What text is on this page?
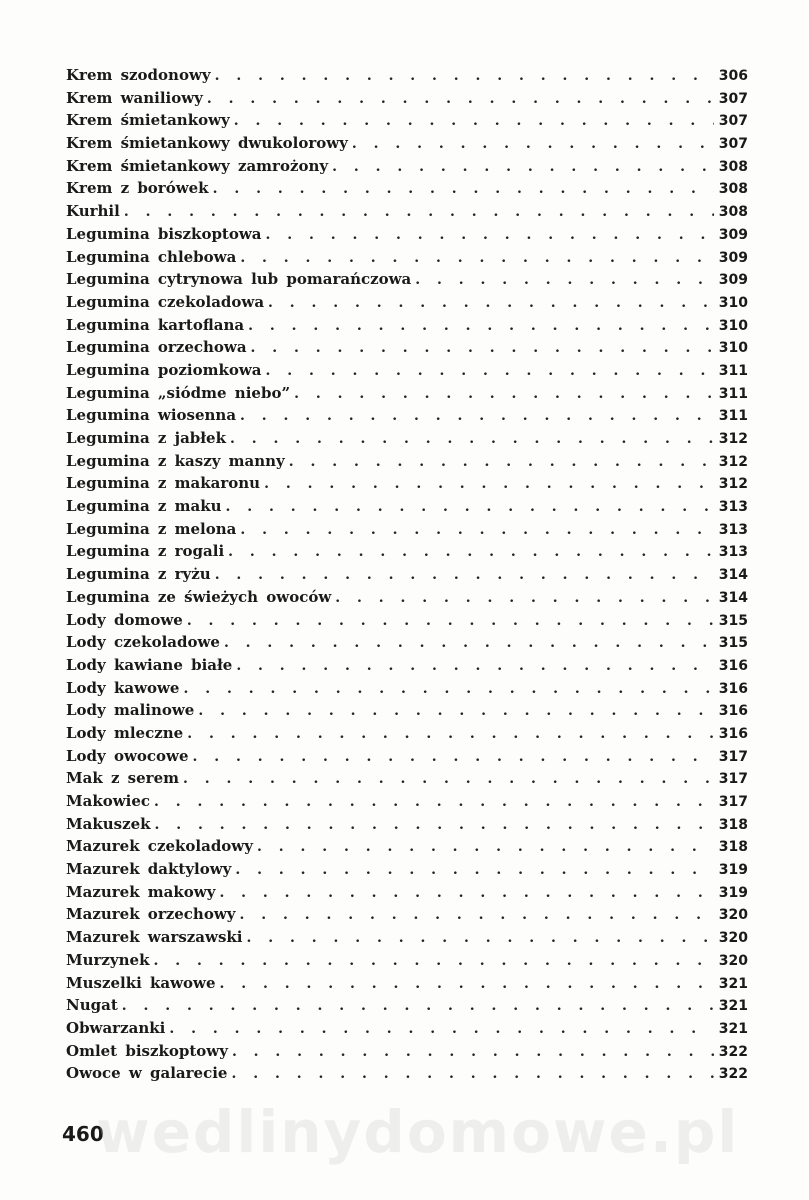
Krem szodonowy . . .	306
Krem waniliowy . . .	307
Krem śmietankowy . . .	307
Krem śmietankowy dwukolorowy . . .	307
Krem śmietankowy zamrożony . . .	308
Krem z borówek . . .	308
Kurhil . . .	308
Legumina biszkoptowa . . .	309
Legumina chlebowa . . .	309
Legumina cytrynowa lub pomarańczowa . . .	309
Legumina czekoladowa . . .	310
Legumina kartoflana . . .	310
Legumina orzechowa . . .	310
Legumina poziomkowa . . .	311
Legumina „siódme niebo” . . .	311
Legumina wiosenna . . .	311
Legumina z jabłek . . .	312
Legumina z kaszy manny . . .	312
Legumina z makaronu . . .	312
Legumina z maku . . .	313
Legumina z melona . . .	313
Legumina z rogali . . .	313
Legumina z ryżu . . .	314
Legumina ze świeżych owoców . . .	314
Lody domowe . . .	315
Lody czekoladowe . . .	315
Lody kawiane białe . . .	316
Lody kawowe . . .	316
Lody malinowe . . .	316
Lody mleczne . . .	316
Lody owocowe . . .	317
Mak z serem . . .	317
Makowiec . . .	317
Makuszek . . .	318
Mazurek czekoladowy . . .	318
Mazurek daktylowy . . .	319
Mazurek makowy . . .	319
Mazurek orzechowy . . .	320
Mazurek warszawski . . .	320
Murzynek . . .	320
Muszelki kawowe . . .	321
Nugat . . .	321
Obwarzanki . . .	321
Omlet biszkoptowy . . .	322
Owoce w galarecie . . .	322
460
wedlinydomowe.pl
